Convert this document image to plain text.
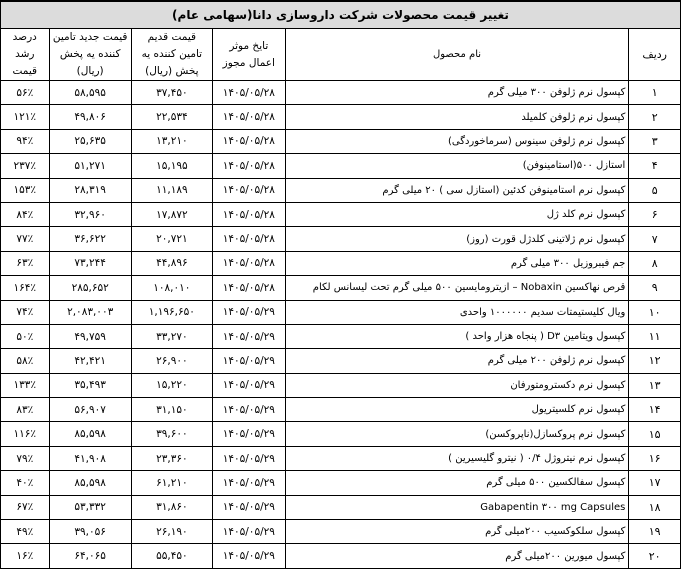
تغییر قیمت محصولات شرکت داروسازی دانا(سهامی عام)					
ردیف	نام محصول	تایخ موثر اعمال مجوز	قیمت قدیم تامین کننده یه پخش (ریال)	قیمت جدید تامین کننده یه پخش (ریال)	درصد رشد قیمت
۱	کپسول نرم ژلوفن ۳۰۰ میلی گرم	۱۴۰۵/۰۵/۲۸	۳۷,۴۵۰	۵۸,۵۹۵	۵۶٪
۲	کپسول نرم ژلوفن کلمیلد	۱۴۰۵/۰۵/۲۸	۲۲,۵۳۴	۴۹,۸۰۶	۱۲۱٪
۳	کپسول نرم ژلوفن سینوس (سرماخوردگی)	۱۴۰۵/۰۵/۲۸	۱۳,۲۱۰	۲۵,۶۳۵	۹۴٪
۴	استازل ۵۰۰(استامینوفن)	۱۴۰۵/۰۵/۲۸	۱۵,۱۹۵	۵۱,۲۷۱	۲۳۷٪
۵	کپسول نرم استامینوفن کدئین (استازل سی ) ۲۰ میلی گرم	۱۴۰۵/۰۵/۲۸	۱۱,۱۸۹	۲۸,۳۱۹	۱۵۳٪
۶	کپسول نرم کلد ژل	۱۴۰۵/۰۵/۲۸	۱۷,۸۷۲	۳۲,۹۶۰	۸۴٪
۷	کپسول نرم ژلاتینی کلدژل قورت (روز)	۱۴۰۵/۰۵/۲۸	۲۰,۷۲۱	۳۶,۶۲۲	۷۷٪
۸	جم فیبروزیل ۳۰۰ میلی گرم	۱۴۰۵/۰۵/۲۸	۴۴,۸۹۶	۷۳,۲۴۴	۶۳٪
۹	قرص نهاکسین Nobaxin – ازیترومایسین ۵۰۰ میلی گرم تحت لیسانس لکام	۱۴۰۵/۰۵/۲۸	۱۰۸,۰۱۰	۲۸۵,۶۵۲	۱۶۴٪
۱۰	ویال کلیستیمتات سدیم ۱۰۰۰۰۰۰ واحدی	۱۴۰۵/۰۵/۲۹	۱,۱۹۶,۶۵۰	۲,۰۸۳,۰۰۳	۷۴٪
۱۱	کپسول ویتامین D۳ ( پنجاه هزار واحد )	۱۴۰۵/۰۵/۲۹	۳۳,۲۷۰	۴۹,۷۵۹	۵۰٪
۱۲	کپسول نرم ژلوفن ۲۰۰ میلی گرم	۱۴۰۵/۰۵/۲۹	۲۶,۹۰۰	۴۲,۴۲۱	۵۸٪
۱۳	کپسول نرم دکسترومتورفان	۱۴۰۵/۰۵/۲۹	۱۵,۲۲۰	۳۵,۴۹۳	۱۳۳٪
۱۴	کپسول نرم کلسیتریول	۱۴۰۵/۰۵/۲۹	۳۱,۱۵۰	۵۶,۹۰۷	۸۳٪
۱۵	کپسول نرم پروکسازل(ناپروکسن)	۱۴۰۵/۰۵/۲۹	۳۹,۶۰۰	۸۵,۵۹۸	۱۱۶٪
۱۶	کپسول نرم نیتروژل ۰/۴ ( نیترو گلیسیرین )	۱۴۰۵/۰۵/۲۹	۲۳,۳۶۰	۴۱,۹۰۸	۷۹٪
۱۷	کپسول سفالکسین ۵۰۰ میلی گرم	۱۴۰۵/۰۵/۲۹	۶۱,۲۱۰	۸۵,۵۹۸	۴۰٪
۱۸	Gabapentin ۳۰۰ mg Capsules	۱۴۰۵/۰۵/۲۹	۳۱,۸۶۰	۵۳,۳۳۲	۶۷٪
۱۹	کپسول سلکوکسیب ۲۰۰میلی گرم	۱۴۰۵/۰۵/۲۹	۲۶,۱۹۰	۳۹,۰۵۶	۴۹٪
۲۰	کپسول میورین ۲۰۰میلی گرم	۱۴۰۵/۰۵/۲۹	۵۵,۴۵۰	۶۴,۰۶۵	۱۶٪
